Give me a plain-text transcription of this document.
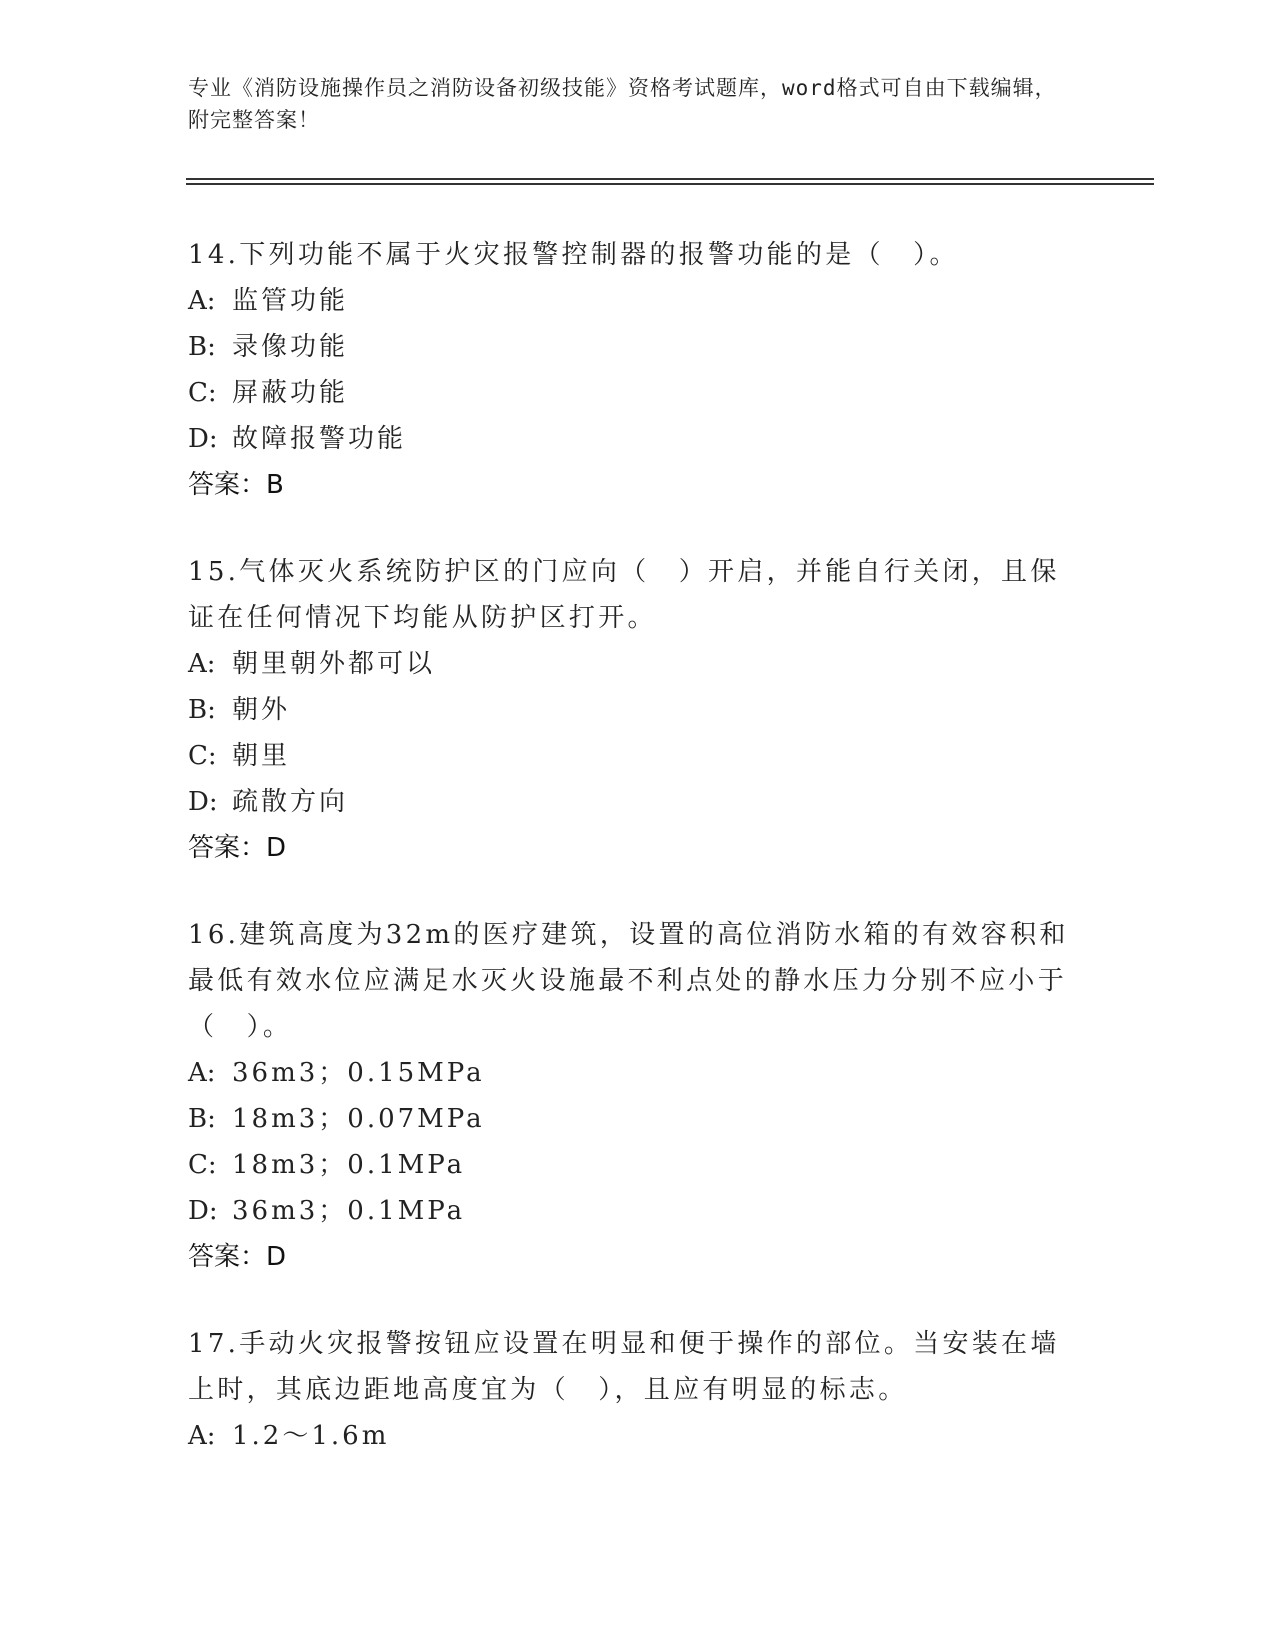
专业《消防设施操作员之消防设备初级技能》资格考试题库，word格式可自由下载编辑，附完整答案！

14.下列功能不属于火灾报警控制器的报警功能的是（　）。

A: 监管功能

B: 录像功能

C: 屏蔽功能

D: 故障报警功能

答案：B

15.气体灭火系统防护区的门应向（　）开启，并能自行关闭，且保证在任何情况下均能从防护区打开。

A: 朝里朝外都可以

B: 朝外

C: 朝里

D: 疏散方向

答案：D

16.建筑高度为32m的医疗建筑，设置的高位消防水箱的有效容积和最低有效水位应满足水灭火设施最不利点处的静水压力分别不应小于（　）。

A: 36m3；0.15MPa

B: 18m3；0.07MPa

C: 18m3；0.1MPa

D: 36m3；0.1MPa

答案：D

17.手动火灾报警按钮应设置在明显和便于操作的部位。当安装在墙上时，其底边距地高度宜为（　），且应有明显的标志。

A: 1.2～1.6m
